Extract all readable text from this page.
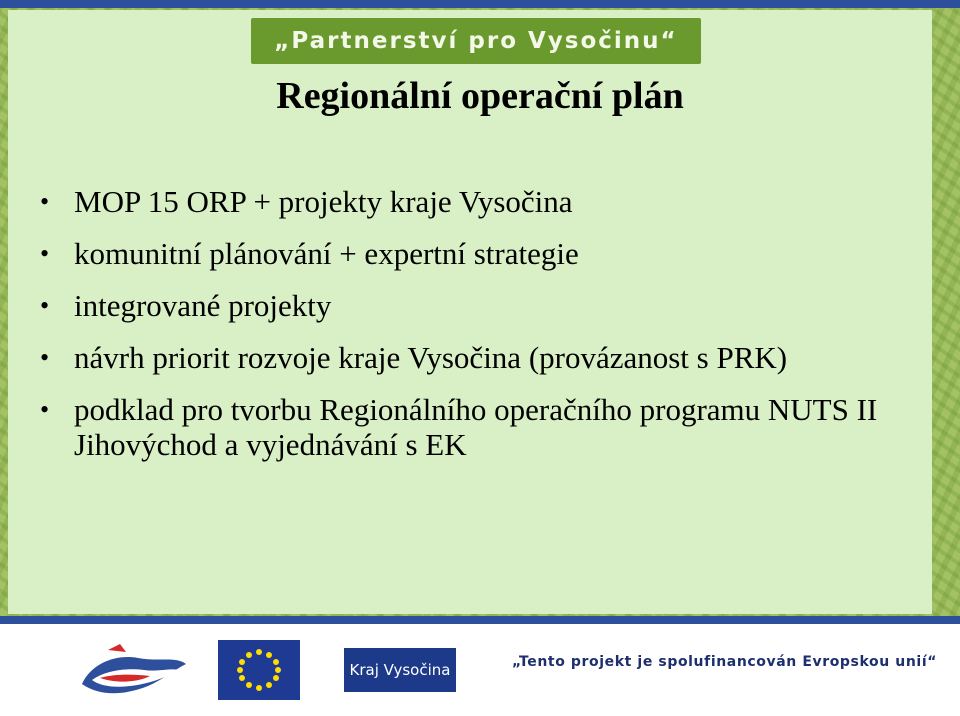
„Partnerství pro Vysočinu“
Regionální operační plán
• MOP 15 ORP + projekty kraje Vysočina
• komunitní plánování + expertní strategie
• integrované projekty
• návrh priorit rozvoje kraje Vysočina (provázanost s PRK)
• podklad pro tvorbu Regionálního operačního programu NUTS II Jihovýchod a vyjednávání s EK
Kraj Vysočina	„Tento projekt je spolufinancován Evropskou unií“
